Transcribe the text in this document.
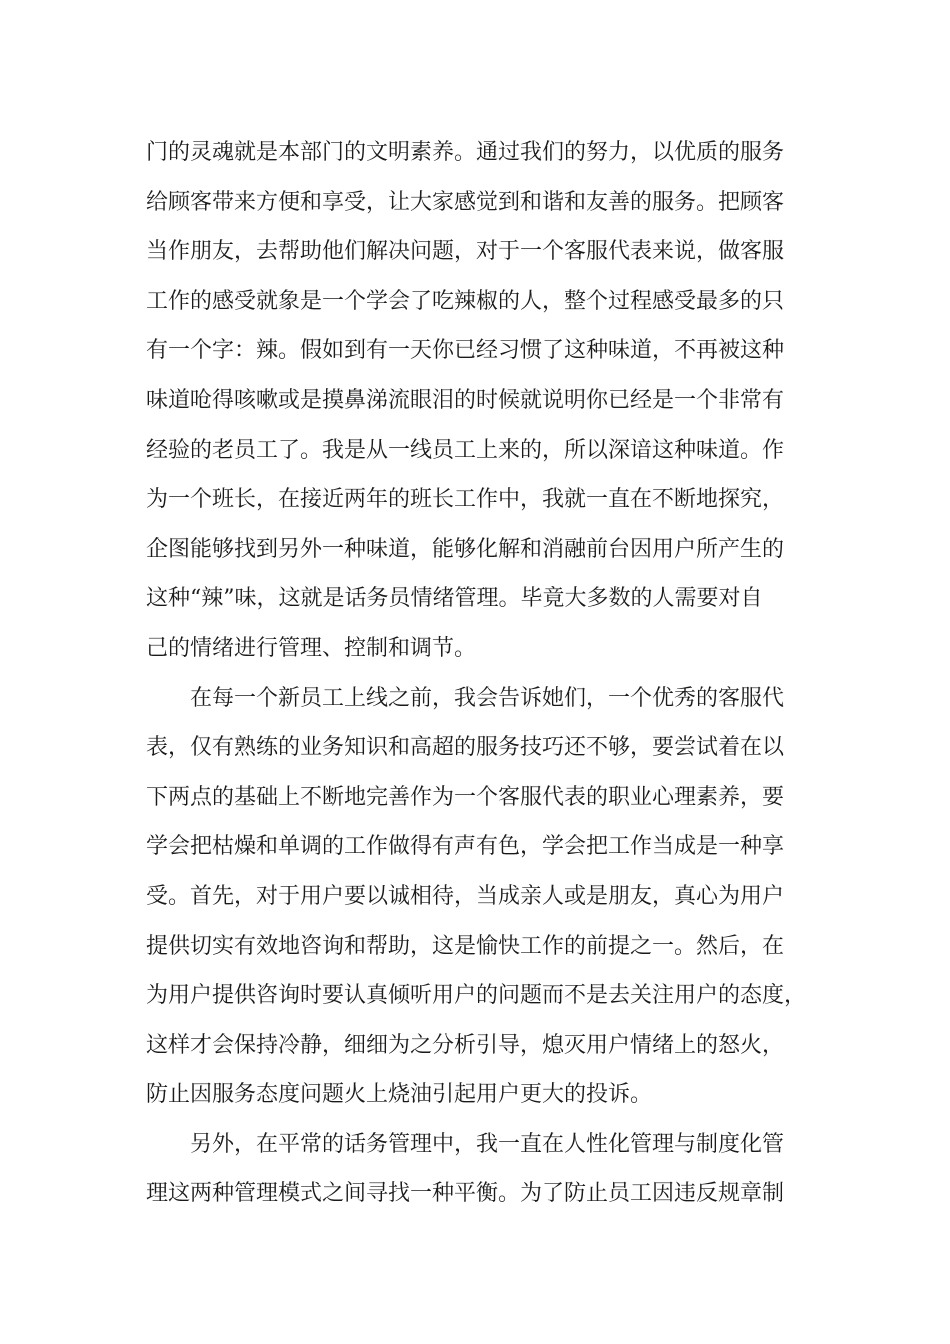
门的灵魂就是本部门的文明素养。通过我们的努力，以优质的服务
给顾客带来方便和享受，让大家感觉到和谐和友善的服务。把顾客
当作朋友，去帮助他们解决问题，对于一个客服代表来说，做客服
工作的感受就象是一个学会了吃辣椒的人，整个过程感受最多的只
有一个字：辣。假如到有一天你已经习惯了这种味道，不再被这种
味道呛得咳嗽或是摸鼻涕流眼泪的时候就说明你已经是一个非常有
经验的老员工了。我是从一线员工上来的，所以深谙这种味道。作
为一个班长，在接近两年的班长工作中，我就一直在不断地探究，
企图能够找到另外一种味道，能够化解和消融前台因用户所产生的
这种“辣”味，这就是话务员情绪管理。毕竟大多数的人需要对自
己的情绪进行管理、控制和调节。
在每一个新员工上线之前，我会告诉她们，一个优秀的客服代
表，仅有熟练的业务知识和高超的服务技巧还不够，要尝试着在以
下两点的基础上不断地完善作为一个客服代表的职业心理素养，要
学会把枯燥和单调的工作做得有声有色，学会把工作当成是一种享
受。首先，对于用户要以诚相待，当成亲人或是朋友，真心为用户
提供切实有效地咨询和帮助，这是愉快工作的前提之一。然后，在
为用户提供咨询时要认真倾听用户的问题而不是去关注用户的态度，
这样才会保持冷静，细细为之分析引导，熄灭用户情绪上的怒火，
防止因服务态度问题火上烧油引起用户更大的投诉。
另外，在平常的话务管理中，我一直在人性化管理与制度化管
理这两种管理模式之间寻找一种平衡。为了防止员工因违反规章制
